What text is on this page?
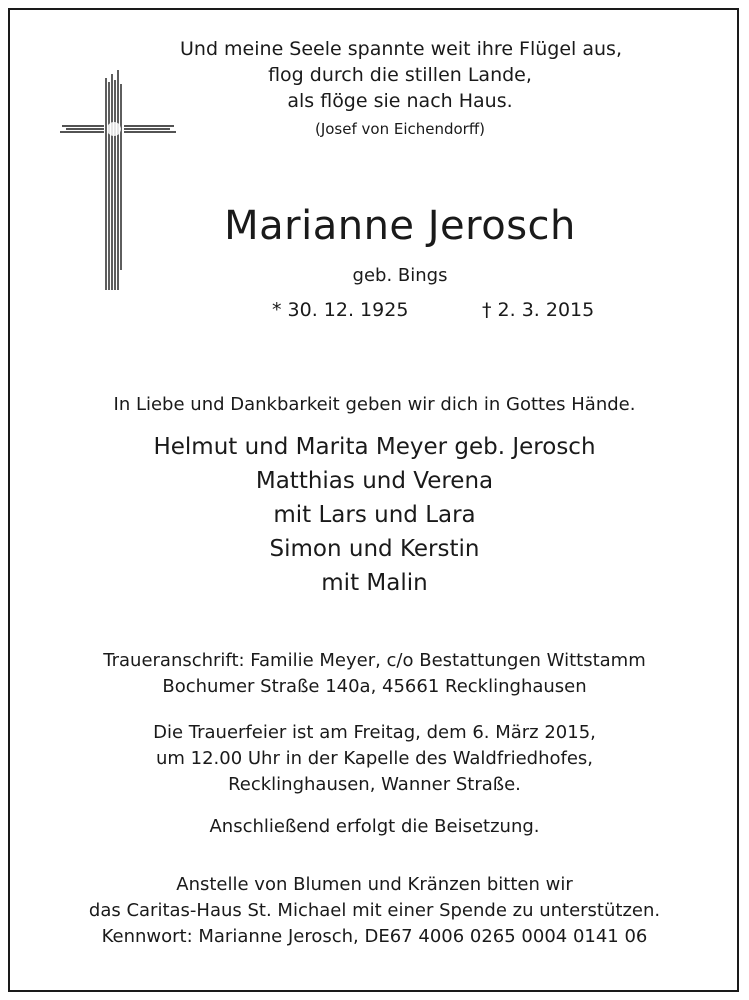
Und meine Seele spannte weit ihre Flügel aus,
flog durch die stillen Lande,
als flöge sie nach Haus.
(Josef von Eichendorff)
Marianne Jerosch
geb. Bings
* 30. 12. 1925	† 2. 3. 2015
In Liebe und Dankbarkeit geben wir dich in Gottes Hände.
Helmut und Marita Meyer geb. Jerosch
Matthias und Verena
mit Lars und Lara
Simon und Kerstin
mit Malin
Traueranschrift: Familie Meyer, c/o Bestattungen Wittstamm
Bochumer Straße 140a, 45661 Recklinghausen
Die Trauerfeier ist am Freitag, dem 6. März 2015,
um 12.00 Uhr in der Kapelle des Waldfriedhofes,
Recklinghausen, Wanner Straße.
Anschließend erfolgt die Beisetzung.
Anstelle von Blumen und Kränzen bitten wir
das Caritas-Haus St. Michael mit einer Spende zu unterstützen.
Kennwort: Marianne Jerosch, DE67 4006 0265 0004 0141 06
